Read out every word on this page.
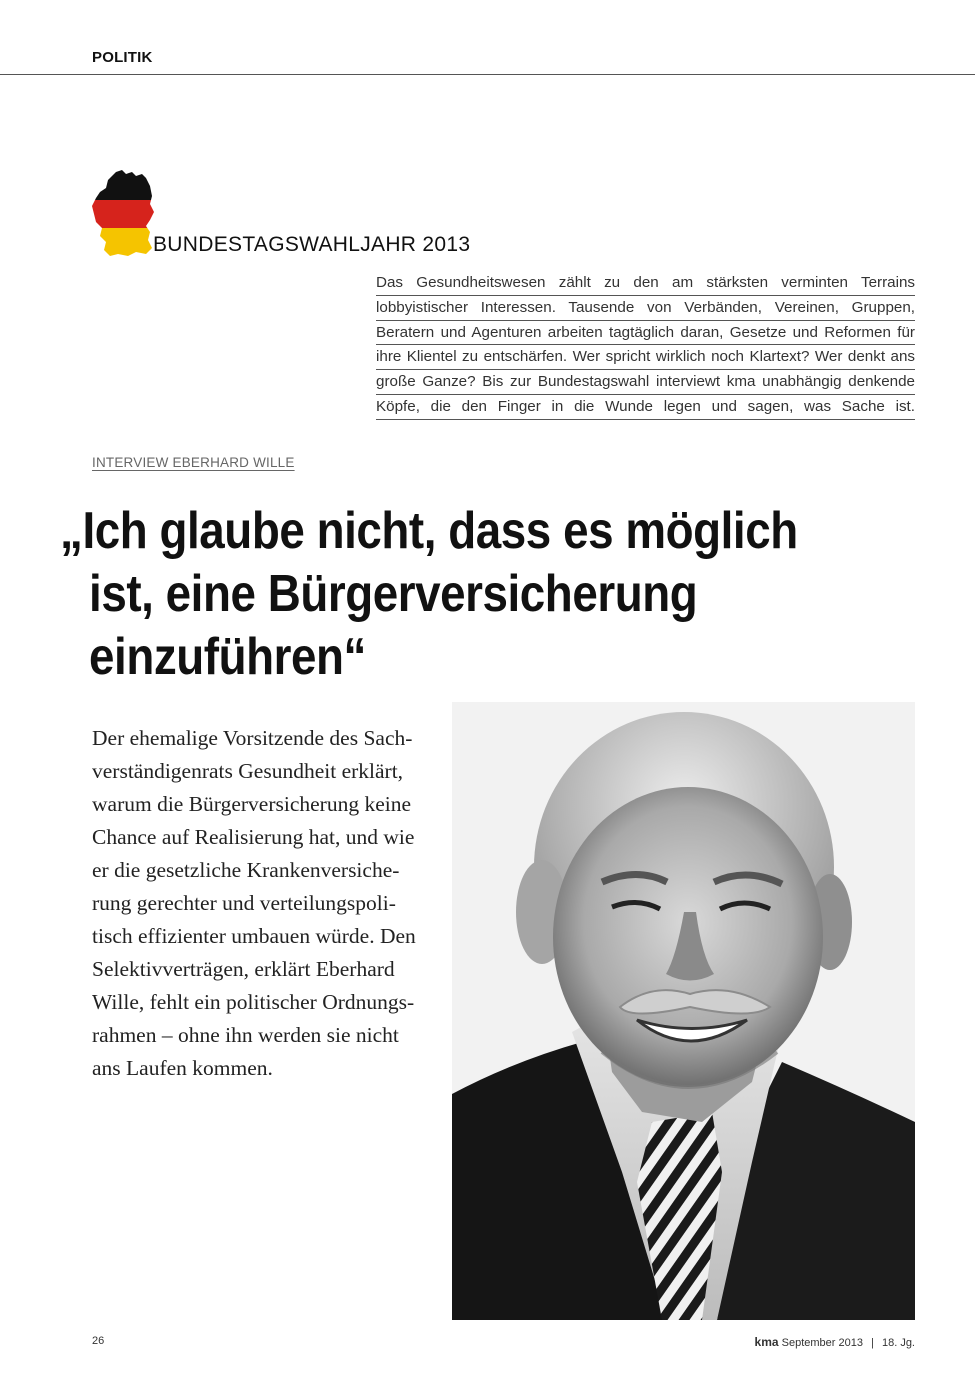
POLITIK
BUNDESTAGSWAHLJAHR 2013
Das Gesundheitswesen zählt zu den am stärksten verminten Terrains
lobbyistischer Interessen. Tausende von Verbänden, Vereinen, Gruppen,
Beratern und Agenturen arbeiten tagtäglich daran, Gesetze und Reformen für
ihre Klientel zu entschärfen. Wer spricht wirklich noch Klartext? Wer denkt ans
große Ganze? Bis zur Bundestagswahl interviewt kma unabhängig denkende
Köpfe, die den Finger in die Wunde legen und sagen, was Sache ist.
INTERVIEW EBERHARD WILLE
„Ich glaube nicht, dass es möglich
ist, eine Bürgerversicherung
einzuführen“
Der ehemalige Vorsitzende des Sach-
verständigenrats Gesundheit erklärt,
warum die Bürgerversicherung keine
Chance auf Realisierung hat, und wie
er die gesetzliche Krankenversiche-
rung gerechter und verteilungspoli-
tisch effizienter umbauen würde. Den
Selektivverträgen, erklärt Eberhard
Wille, fehlt ein politischer Ordnungs-
rahmen – ohne ihn werden sie nicht
ans Laufen kommen.
26	kma September 2013 | 18. Jg.
